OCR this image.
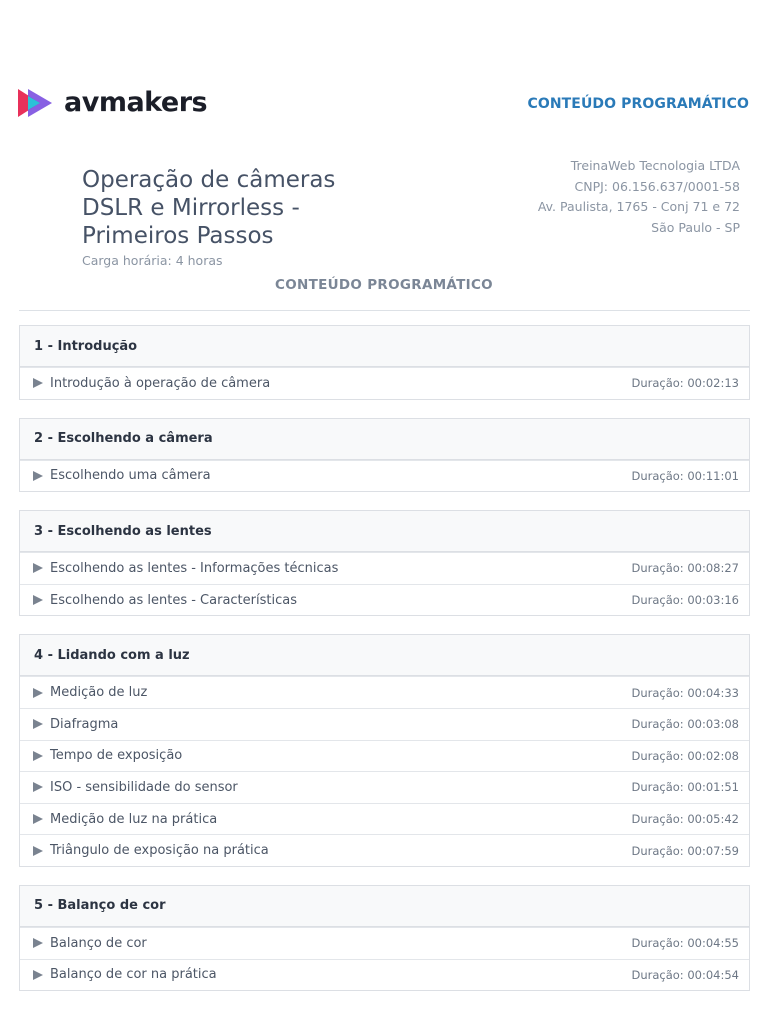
avmakers	CONTEÚDO PROGRAMÁTICO
Operação de câmeras
DSLR e Mirrorless -
Primeiros Passos
Carga horária: 4 horas
TreinaWeb Tecnologia LTDA
CNPJ: 06.156.637/0001-58
Av. Paulista, 1765 - Conj 71 e 72
São Paulo - SP
CONTEÚDO PROGRAMÁTICO
1 - Introdução
Introdução à operação de câmera	Duração: 00:02:13
2 - Escolhendo a câmera
Escolhendo uma câmera	Duração: 00:11:01
3 - Escolhendo as lentes
Escolhendo as lentes - Informações técnicas	Duração: 00:08:27
Escolhendo as lentes - Características	Duração: 00:03:16
4 - Lidando com a luz
Medição de luz	Duração: 00:04:33
Diafragma	Duração: 00:03:08
Tempo de exposição	Duração: 00:02:08
ISO - sensibilidade do sensor	Duração: 00:01:51
Medição de luz na prática	Duração: 00:05:42
Triângulo de exposição na prática	Duração: 00:07:59
5 - Balanço de cor
Balanço de cor	Duração: 00:04:55
Balanço de cor na prática	Duração: 00:04:54
